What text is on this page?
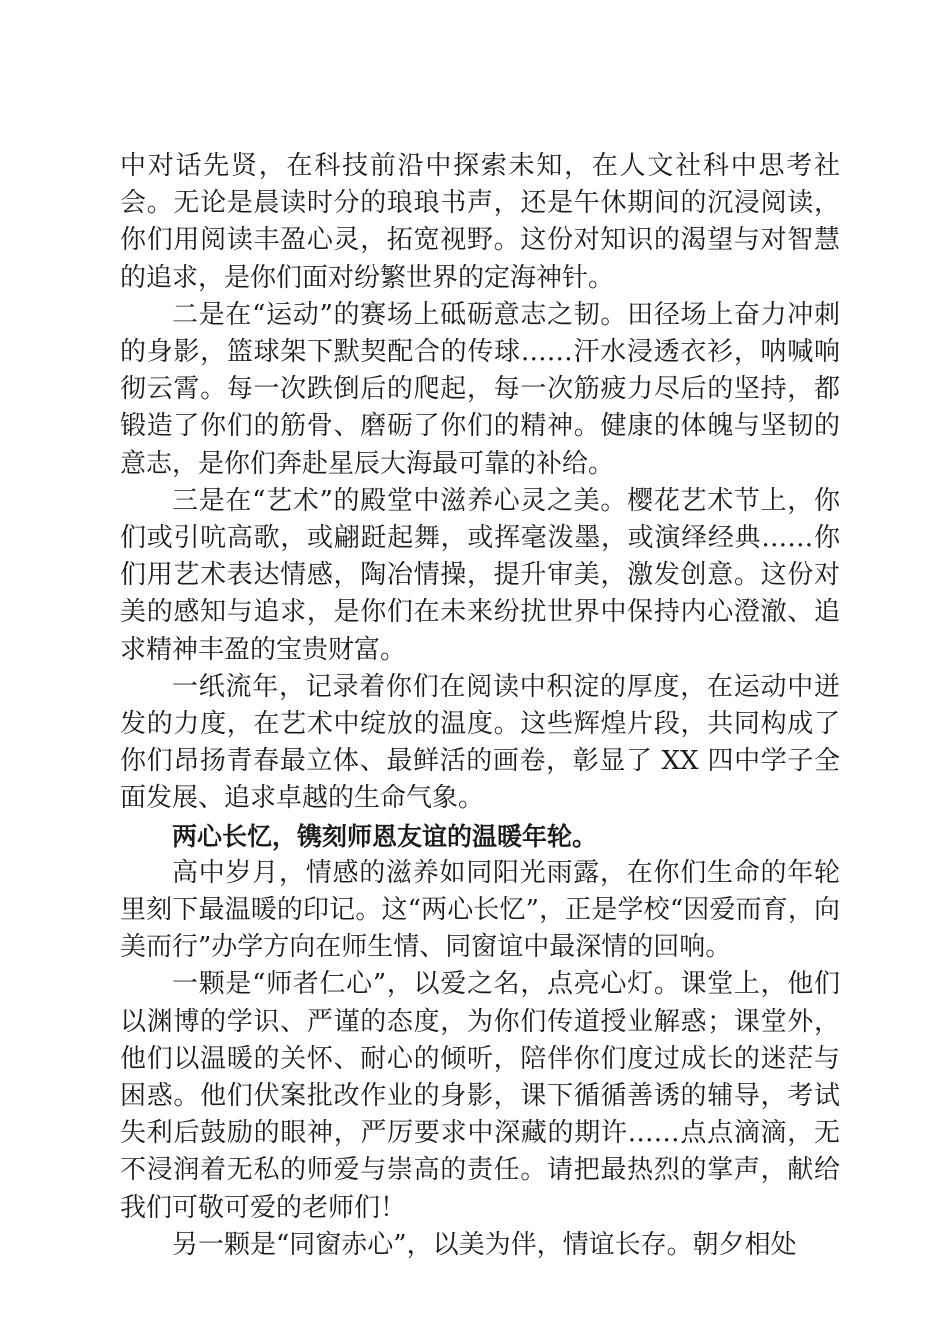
中对话先贤，在科技前沿中探索未知，在人文社科中思考社会。无论是晨读时分的琅琅书声，还是午休期间的沉浸阅读，你们用阅读丰盈心灵，拓宽视野。这份对知识的渴望与对智慧的追求，是你们面对纷繁世界的定海神针。

二是在“运动”的赛场上砥砺意志之韧。田径场上奋力冲刺的身影，篮球架下默契配合的传球……汗水浸透衣衫，呐喊响彻云霄。每一次跌倒后的爬起，每一次筋疲力尽后的坚持，都锻造了你们的筋骨、磨砺了你们的精神。健康的体魄与坚韧的意志，是你们奔赴星辰大海最可靠的补给。

三是在“艺术”的殿堂中滋养心灵之美。樱花艺术节上，你们或引吭高歌，或翩跹起舞，或挥毫泼墨，或演绎经典……你们用艺术表达情感，陶冶情操，提升审美，激发创意。这份对美的感知与追求，是你们在未来纷扰世界中保持内心澄澈、追求精神丰盈的宝贵财富。

一纸流年，记录着你们在阅读中积淀的厚度，在运动中迸发的力度，在艺术中绽放的温度。这些辉煌片段，共同构成了你们昂扬青春最立体、最鲜活的画卷，彰显了 XX 四中学子全面发展、追求卓越的生命气象。

两心长忆，镌刻师恩友谊的温暖年轮。

高中岁月，情感的滋养如同阳光雨露，在你们生命的年轮里刻下最温暖的印记。这“两心长忆”，正是学校“因爱而育，向美而行”办学方向在师生情、同窗谊中最深情的回响。

一颗是“师者仁心”，以爱之名，点亮心灯。课堂上，他们以渊博的学识、严谨的态度，为你们传道授业解惑；课堂外，他们以温暖的关怀、耐心的倾听，陪伴你们度过成长的迷茫与困惑。他们伏案批改作业的身影，课下循循善诱的辅导，考试失利后鼓励的眼神，严厉要求中深藏的期许……点点滴滴，无不浸润着无私的师爱与崇高的责任。请把最热烈的掌声，献给我们可敬可爱的老师们！

另一颗是“同窗赤心”，以美为伴，情谊长存。朝夕相处
